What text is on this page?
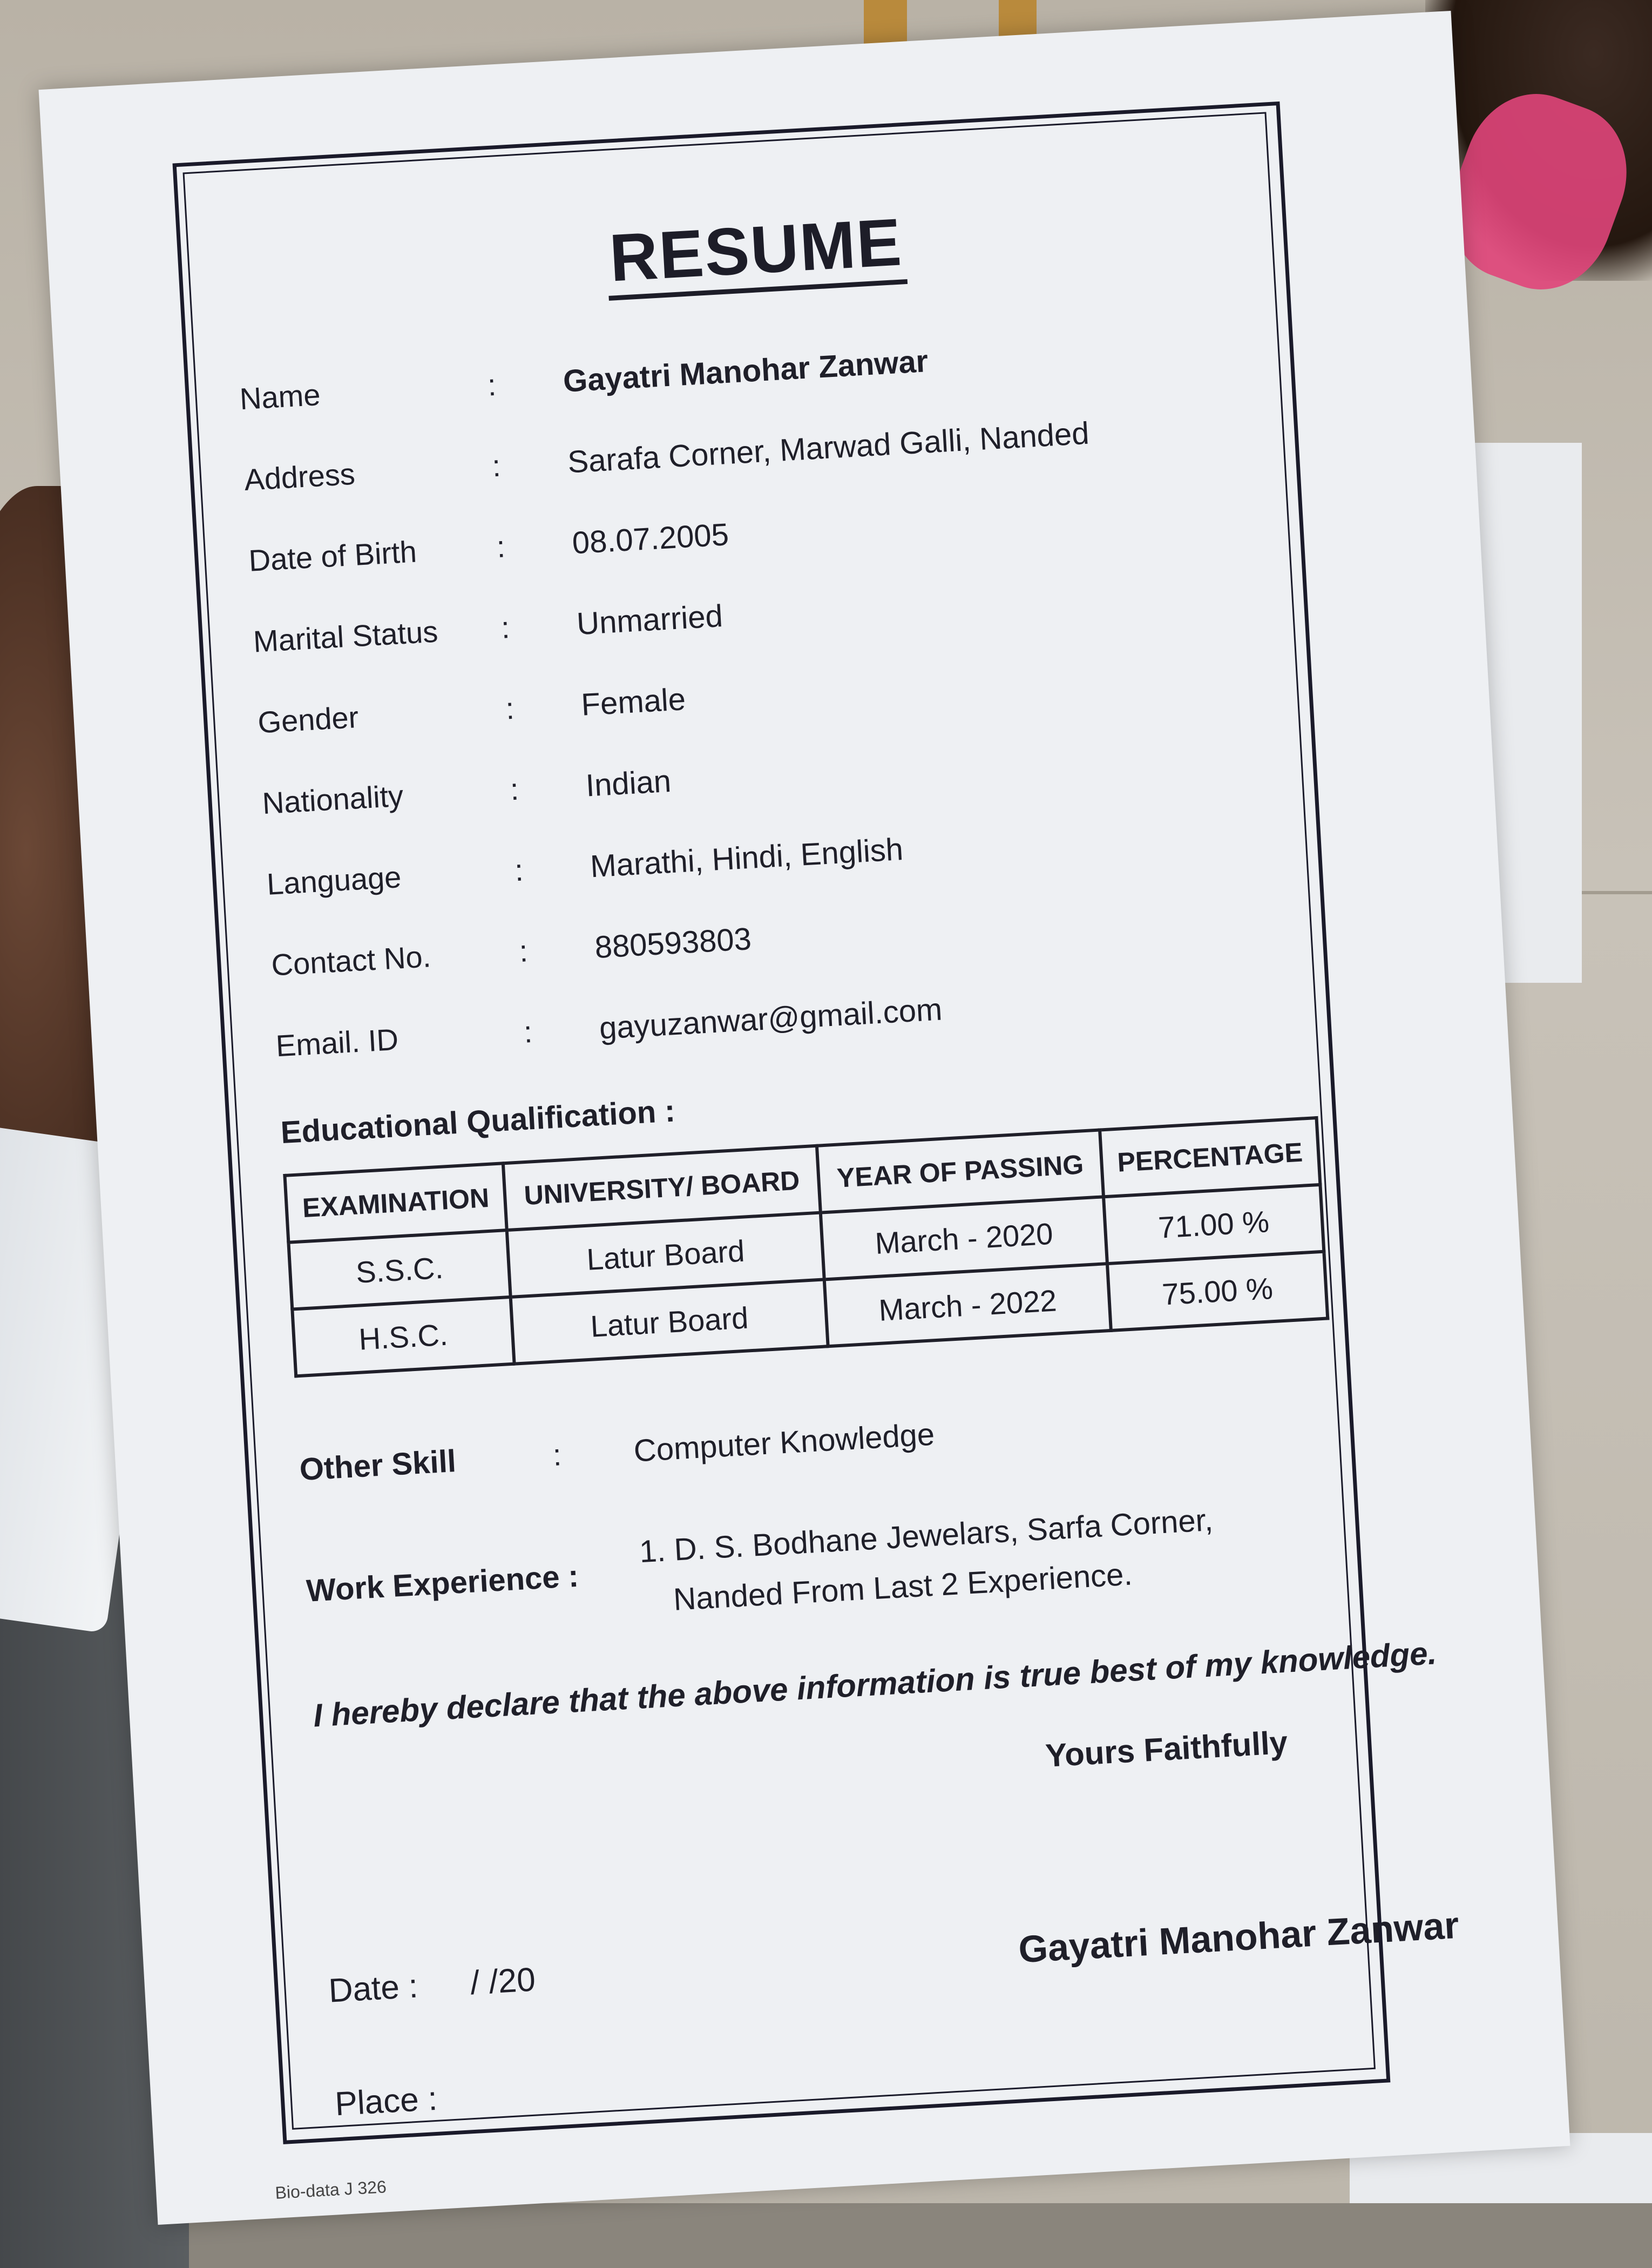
RESUME
Name	: Gayatri Manohar Zanwar
Address	: Sarafa Corner, Marwad Galli, Nanded
Date of Birth	: 08.07.2005
Marital Status : Unmarried
Gender	: Female
Nationality	: Indian
Language	: Marathi, Hindi, English
Contact No.	: 880593803
Email. ID	: gayuzanwar@gmail.com
Educational Qualification :
EXAMINATION	UNIVERSITY/ BOARD	YEAR OF PASSING	PERCENTAGE
S.S.C.	Latur Board	March - 2020	71.00 %
H.S.C.	Latur Board	March - 2022	75.00 %
Other Skill	: Computer Knowledge
Work Experience :
1. D. S. Bodhane Jewelars, Sarfa Corner,
Nanded From Last 2 Experience.
I hereby declare that the above information is true best of my knowledge.
Yours Faithfully
Date : / /20
Gayatri Manohar Zanwar
Place :
Bio-data J 326
